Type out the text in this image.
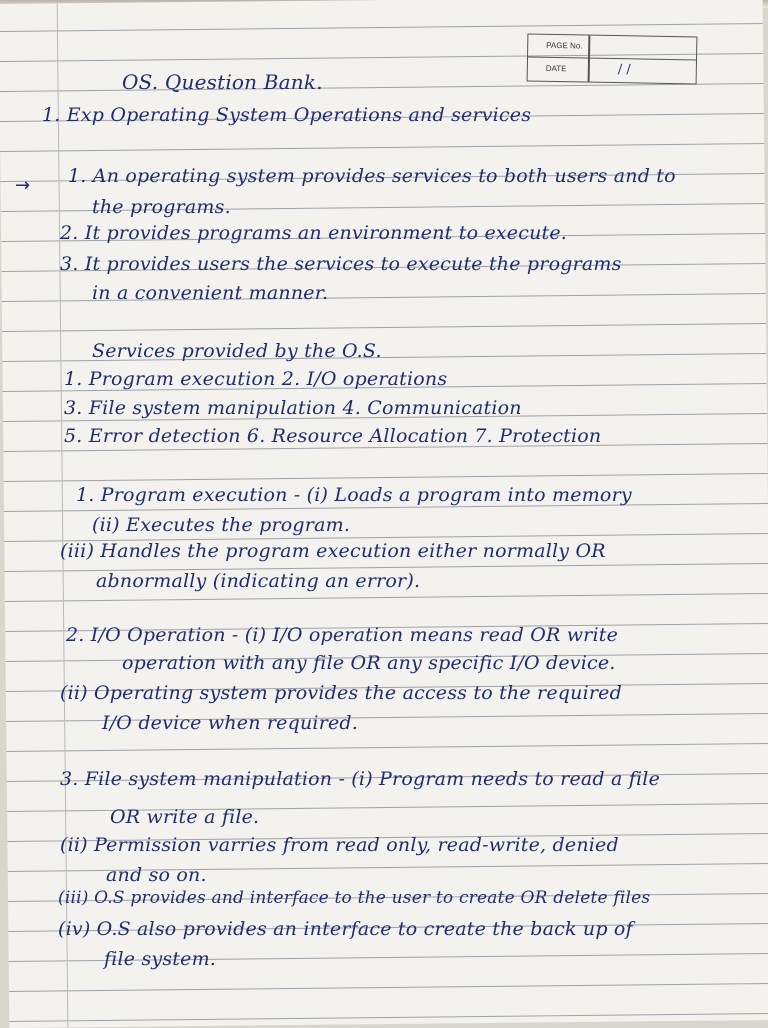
PAGE No.
DATE	/ /
OS. Question Bank.
1. Exp Operating System Operations and services
→ 1. An operating system provides services to both users and to
the programs.
2. It provides programs an environment to execute.
3. It provides users the services to execute the programs
in a convenient manner.
Services provided by the O.S.
1. Program execution 2. I/O operations
3. File system manipulation 4. Communication
5. Error detection 6. Resource Allocation 7. Protection
1. Program execution - (i) Loads a program into memory
(ii) Executes the program.
(iii) Handles the program execution either normally OR
abnormally (indicating an error).
2. I/O Operation - (i) I/O operation means read OR write
operation with any file OR any specific I/O device.
(ii) Operating system provides the access to the required
I/O device when required.
3. File system manipulation - (i) Program needs to read a file
OR write a file.
(ii) Permission varries from read only, read-write, denied
and so on.
(iii) O.S provides and interface to the user to create OR delete files
(iv) O.S also provides an interface to create the back up of
file system.
